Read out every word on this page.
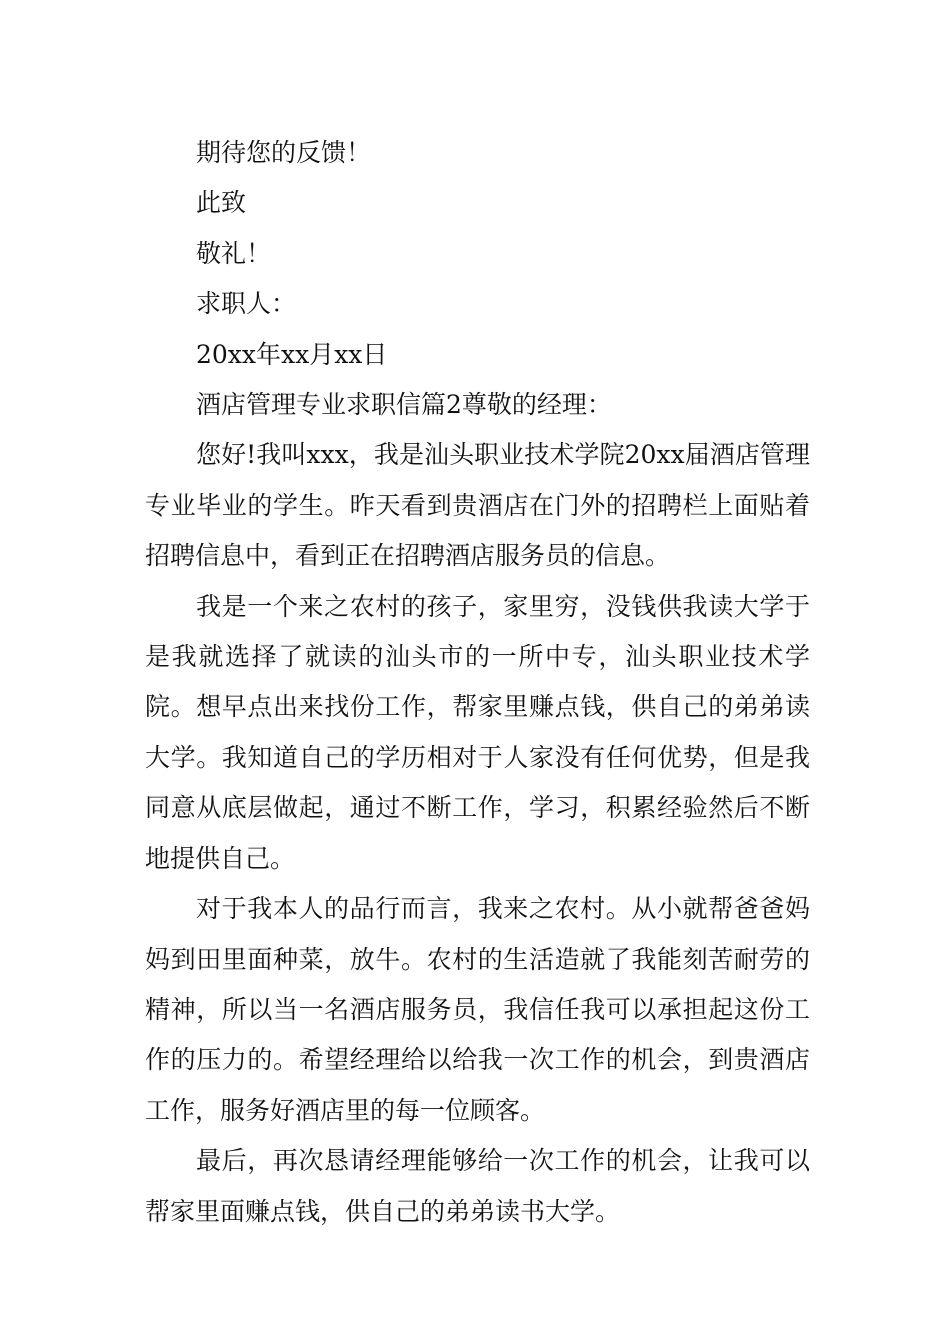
期待您的反馈！

此致

敬礼！

求职人：

20xx年xx月xx日

酒店管理专业求职信篇2尊敬的经理：

您好!我叫xxx，我是汕头职业技术学院20xx届酒店管理专业毕业的学生。昨天看到贵酒店在门外的招聘栏上面贴着招聘信息中，看到正在招聘酒店服务员的信息。

我是一个来之农村的孩子，家里穷，没钱供我读大学于是我就选择了就读的汕头市的一所中专，汕头职业技术学院。想早点出来找份工作，帮家里赚点钱，供自己的弟弟读大学。我知道自己的学历相对于人家没有任何优势，但是我同意从底层做起，通过不断工作，学习，积累经验然后不断地提供自己。

对于我本人的品行而言，我来之农村。从小就帮爸爸妈妈到田里面种菜，放牛。农村的生活造就了我能刻苦耐劳的精神，所以当一名酒店服务员，我信任我可以承担起这份工作的压力的。希望经理给以给我一次工作的机会，到贵酒店工作，服务好酒店里的每一位顾客。

最后，再次恳请经理能够给一次工作的机会，让我可以帮家里面赚点钱，供自己的弟弟读书大学。
